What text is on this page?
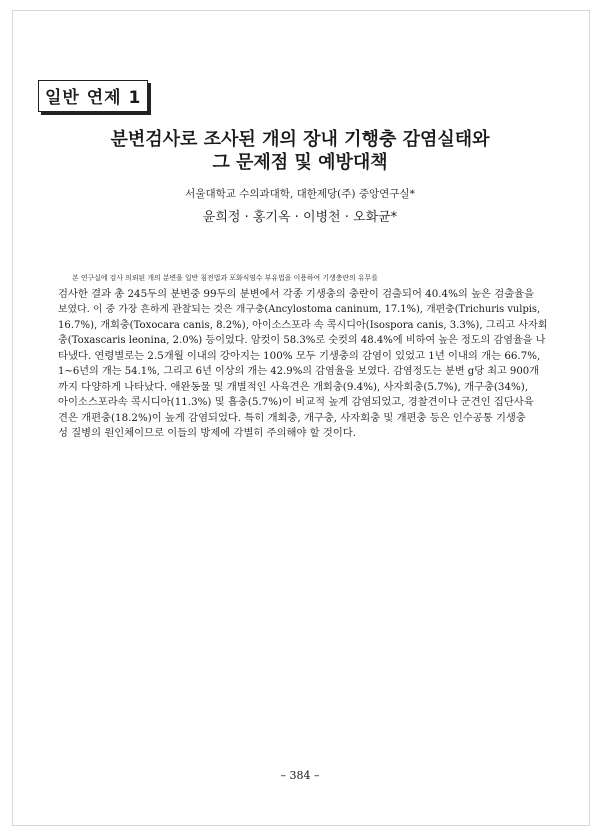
일반 연제 1
분변검사로 조사된 개의 장내 기행충 감염실태와
그 문제점 및 예방대책
서울대학교 수의과대학, 대한제당(주) 중앙연구실*
윤희정 · 홍기옥 · 이병천 · 오화균*
본 연구실에 검사 의뢰된 개의 분변을 일반 침전법과 포화식염수 부유법을 이용하여 기생충란의 유무를
검사한 결과 총 245두의 분변중 99두의 분변에서 각종 기생충의 충란이 검출되어 40.4%의 높은 검출율을
보였다. 이 중 가장 흔하게 관찰되는 것은 개구충(Ancylostoma caninum, 17.1%), 개편충(Trichuris vulpis,
16.7%), 개회충(Toxocara canis, 8.2%), 아이소스포라 속 콕시디아(Isospora canis, 3.3%), 그리고 사자회
충(Toxascaris leonina, 2.0%) 등이었다. 암컷이 58.3%로 숫컷의 48.4%에 비하여 높은 정도의 감염율을 나
타냈다. 연령별로는 2.5개월 이내의 강아지는 100% 모두 기생충의 감염이 있었고 1년 이내의 개는 66.7%,
1~6년의 개는 54.1%, 그리고 6년 이상의 개는 42.9%의 감염율을 보였다. 감염정도는 분변 g당 최고 900개
까지 다양하게 나타났다. 애완동물 및 개별적인 사육견은 개회충(9.4%), 사자회충(5.7%), 개구충(34%),
아이소스포라속 콕시디아(11.3%) 및 흡충(5.7%)이 비교적 높게 감염되었고, 경찰견이나 군견인 집단사육
견은 개편충(18.2%)이 높게 감염되었다. 특히 개회충, 개구충, 사자회충 및 개편충 등은 인수공통 기생충
성 질병의 원인체이므로 이들의 방제에 각별히 주의해야 할 것이다.
– 384 –
